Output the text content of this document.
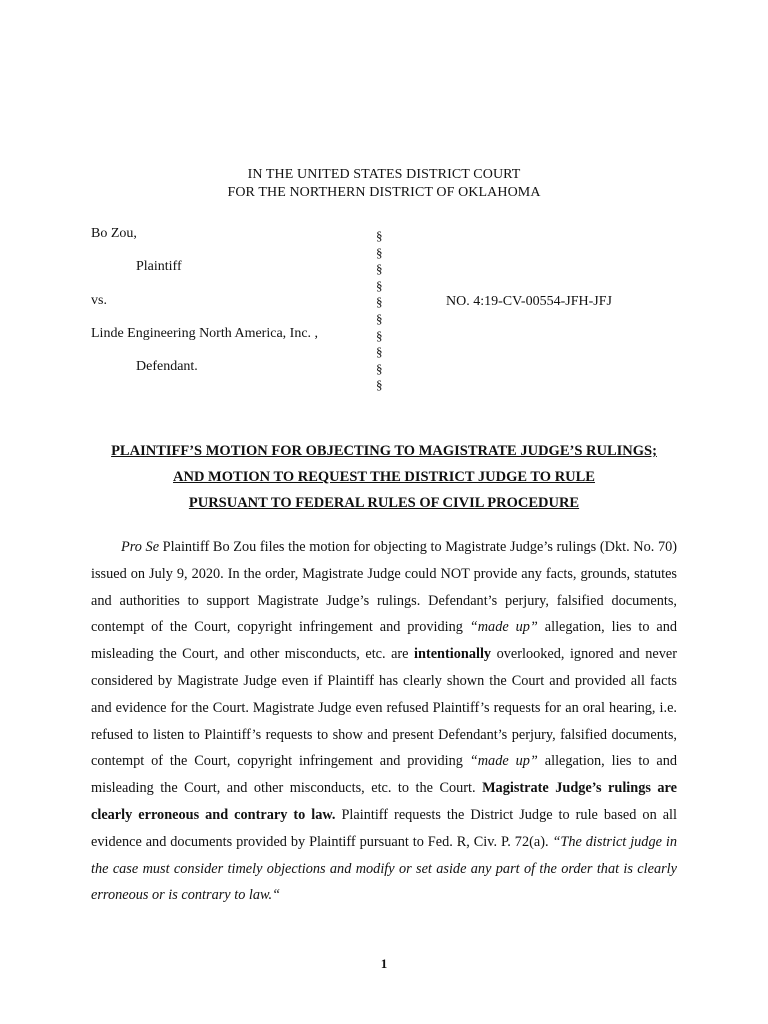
IN THE UNITED STATES DISTRICT COURT
FOR THE NORTHERN DISTRICT OF OKLAHOMA
Bo Zou,
Plaintiff
vs.
Linde Engineering North America, Inc. ,
Defendant.
§
§
§
§
§
§
§
§
§
§
NO. 4:19-CV-00554-JFH-JFJ
PLAINTIFF’S MOTION FOR OBJECTING TO MAGISTRATE JUDGE’S RULINGS;
AND MOTION TO REQUEST THE DISTRICT JUDGE TO RULE
PURSUANT TO FEDERAL RULES OF CIVIL PROCEDURE

Pro Se Plaintiff Bo Zou files the motion for objecting to Magistrate Judge’s rulings (Dkt. No. 70) issued on July 9, 2020. In the order, Magistrate Judge could NOT provide any facts, grounds, statutes and authorities to support Magistrate Judge’s rulings. Defendant’s perjury, falsified documents, contempt of the Court, copyright infringement and providing “made up” allegation, lies to and misleading the Court, and other misconducts, etc. are intentionally overlooked, ignored and never considered by Magistrate Judge even if Plaintiff has clearly shown the Court and provided all facts and evidence for the Court. Magistrate Judge even refused Plaintiff’s requests for an oral hearing, i.e. refused to listen to Plaintiff’s requests to show and present Defendant’s perjury, falsified documents, contempt of the Court, copyright infringement and providing “made up” allegation, lies to and misleading the Court, and other misconducts, etc. to the Court. Magistrate Judge’s rulings are clearly erroneous and contrary to law. Plaintiff requests the District Judge to rule based on all evidence and documents provided by Plaintiff pursuant to Fed. R, Civ. P. 72(a). “The district judge in the case must consider timely objections and modify or set aside any part of the order that is clearly erroneous or is contrary to law.“

1
